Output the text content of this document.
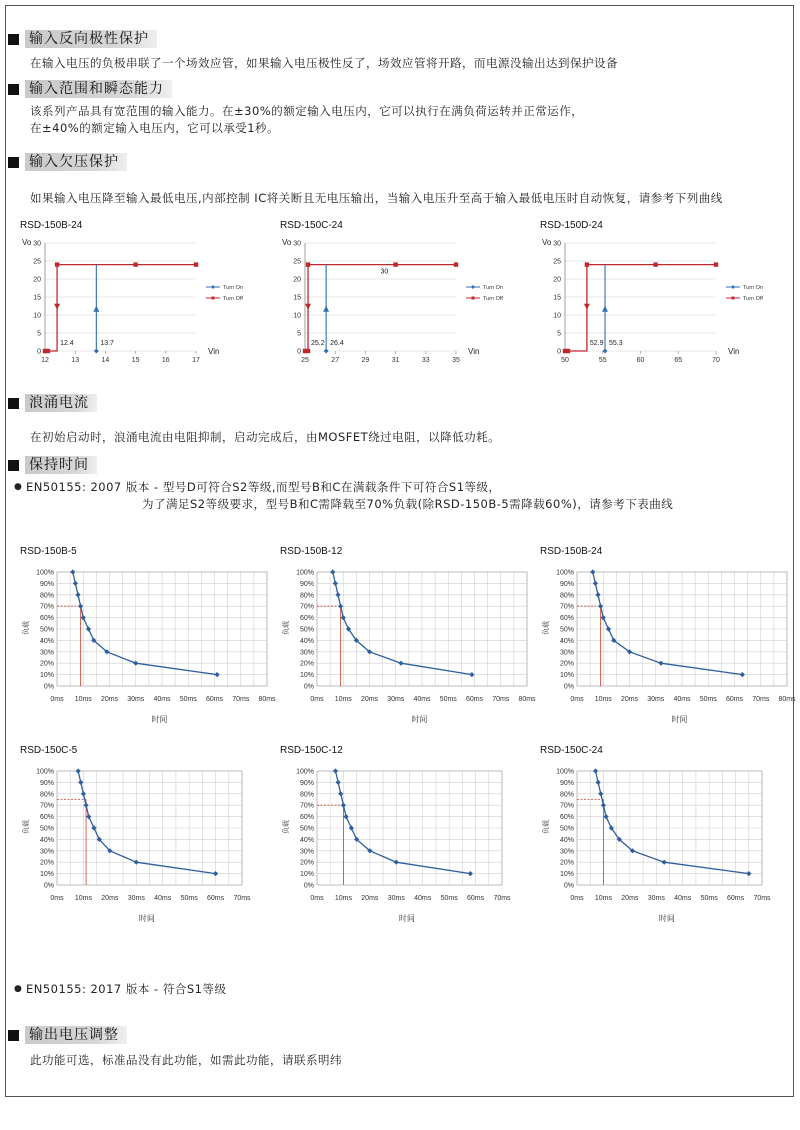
输入反向极性保护
在输入电压的负极串联了一个场效应管，如果输入电压极性反了，场效应管将开路，而电源没输出达到保护设备
输入范围和瞬态能力
该系列产品具有宽范围的输入能力。在±30%的额定输入电压内，它可以执行在满负荷运转并正常运作，
在±40%的额定输入电压内，它可以承受1秒。
输入欠压保护
如果输入电压降至输入最低电压,内部控制 IC将关断且无电压输出，当输入电压升至高于输入最低电压时自动恢复，请参考下列曲线
RSD-150B-24
0
5
10
15
20
25
30
12	13	14	15	16	17
Vo
Vin
12.4	13.7
Turn On
Turn Off
RSD-150C-24
0
5
10
15
20
25
30
25	27	29	31	33	35
Vo
Vin
25.2 26.4
30
Turn On
Turn Off
RSD-150D-24
0
5
10
15
20
25
30
50	55	60	65	70
Vo
Vin
52.9 55.3
Turn On
Turn Off
浪涌电流
在初始启动时，浪涌电流由电阻抑制，启动完成后，由MOSFET绕过电阻，以降低功耗。
保持时间
● EN50155: 2007 版本 - 型号D可符合S2等级,而型号B和C在满载条件下可符合S1等级，
为了满足S2等级要求，型号B和C需降载至70%负载(除RSD-150B-5需降载60%)，请参考下表曲线
RSD-150B-5
0%
10%
20%
30%
40%
50%
60%
70%
80%
90%
100%
0ms 10ms 20ms 30ms 40ms 50ms 60ms 70ms 80ms
负载
时间
RSD-150B-12
0%
10%
20%
30%
40%
50%
60%
70%
80%
90%
100%
0ms 10ms 20ms 30ms 40ms 50ms 60ms 70ms 80ms
负载
时间
RSD-150B-24
0%
10%
20%
30%
40%
50%
60%
70%
80%
90%
100%
0ms 10ms 20ms 30ms 40ms 50ms 60ms 70ms 80ms
负载
时间
RSD-150C-5
0%
10%
20%
30%
40%
50%
60%
70%
80%
90%
100%
0ms 10ms 20ms 30ms 40ms 50ms 60ms 70ms
负载
时间
RSD-150C-12
0%
10%
20%
30%
40%
50%
60%
70%
80%
90%
100%
0ms 10ms 20ms 30ms 40ms 50ms 60ms 70ms
负载
时间
RSD-150C-24
0%
10%
20%
30%
40%
50%
60%
70%
80%
90%
100%
0ms 10ms 20ms 30ms 40ms 50ms 60ms 70ms
负载
时间
● EN50155: 2017 版本 - 符合S1等级
输出电压调整
此功能可选，标准品没有此功能，如需此功能，请联系明纬
